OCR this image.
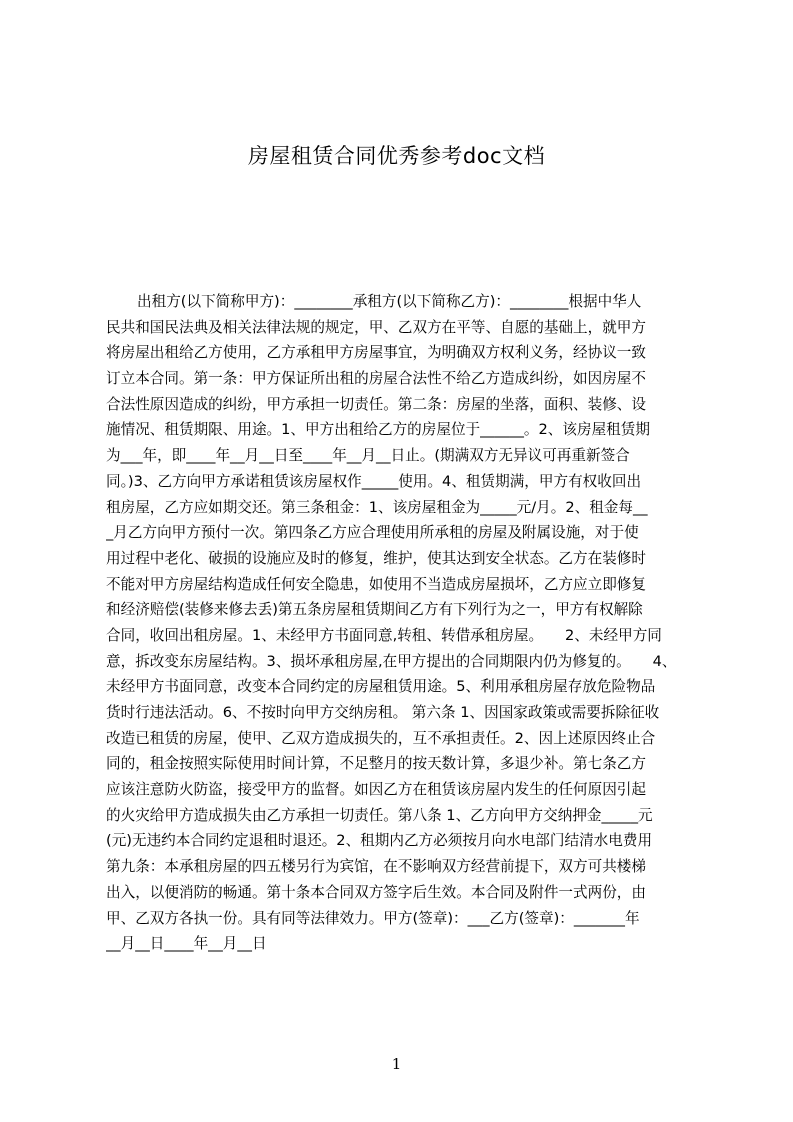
房屋租赁合同优秀参考doc文档
出租方(以下简称甲方)：________承租方(以下简称乙方)：________根据中华人
民共和国民法典及相关法律法规的规定，甲、乙双方在平等、自愿的基础上，就甲方
将房屋出租给乙方使用，乙方承租甲方房屋事宜，为明确双方权利义务，经协议一致
订立本合同。第一条：甲方保证所出租的房屋合法性不给乙方造成纠纷，如因房屋不
合法性原因造成的纠纷，甲方承担一切责任。第二条：房屋的坐落，面积、装修、设
施情况、租赁期限、用途。1、甲方出租给乙方的房屋位于______。2、该房屋租赁期
为___年，即____年__月__日至____年__月__日止。(期满双方无异议可再重新签合
同。)3、乙方向甲方承诺租赁该房屋权作_____使用。4、租赁期满，甲方有权收回出
租房屋，乙方应如期交还。第三条租金：1、该房屋租金为_____元/月。2、租金每__
_月乙方向甲方预付一次。第四条乙方应合理使用所承租的房屋及附属设施，对于使
用过程中老化、破损的设施应及时的修复，维护，使其达到安全状态。乙方在装修时
不能对甲方房屋结构造成任何安全隐患，如使用不当造成房屋损坏，乙方应立即修复
和经济赔偿(装修来修去丢)第五条房屋租赁期间乙方有下列行为之一，甲方有权解除
合同，收回出租房屋。1、未经甲方书面同意,转租、转借承租房屋。　　2、未经甲方同
意，拆改变东房屋结构。3、损坏承租房屋,在甲方提出的合同期限内仍为修复的。　　4、
未经甲方书面同意，改变本合同约定的房屋租赁用途。5、利用承租房屋存放危险物品
货时行违法活动。6、不按时向甲方交纳房租。 第六条 1、因国家政策或需要拆除征收
改造已租赁的房屋，使甲、乙双方造成损失的，互不承担责任。2、因上述原因终止合
同的，租金按照实际使用时间计算，不足整月的按天数计算，多退少补。第七条乙方
应该注意防火防盗，接受甲方的监督。如因乙方在租赁该房屋内发生的任何原因引起
的火灾给甲方造成损失由乙方承担一切责任。第八条 1、乙方向甲方交纳押金_____元
(元)无违约本合同约定退租时退还。2、租期内乙方必须按月向水电部门结清水电费用
第九条：本承租房屋的四五楼另行为宾馆，在不影响双方经营前提下，双方可共楼梯
出入，以便消防的畅通。第十条本合同双方签字后生效。本合同及附件一式两份，由
甲、乙双方各执一份。具有同等法律效力。甲方(签章)：___乙方(签章)：_______年
__月__日____年__月__日
1
